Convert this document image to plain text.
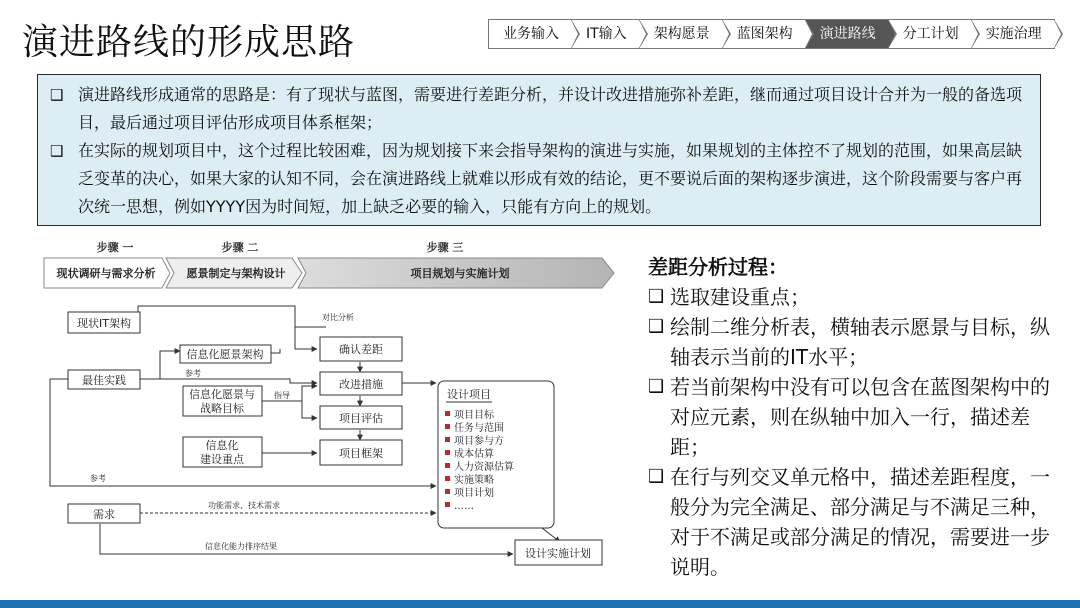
演进路线的形成思路	业务输入	IT输入	架构愿景	蓝图架构	演进路线	分工计划	实施治理
❑ 演进路线形成通常的思路是：有了现状与蓝图，需要进行差距分析，并设计改进措施弥补差距，继而通过项目设计合并为一般的备选项目，最后通过项目评估形成项目体系框架；
❑ 在实际的规划项目中，这个过程比较困难，因为规划接下来会指导架构的演进与实施，如果规划的主体控不了规划的范围，如果高层缺乏变革的决心，如果大家的认知不同，会在演进路线上就难以形成有效的结论，更不要说后面的架构逐步演进，这个阶段需要与客户再次统一思想，例如YYYY因为时间短，加上缺乏必要的输入，只能有方向上的规划。
步骤 一	步骤 二	步骤 三
现状调研与需求分析	愿景制定与架构设计	项目规划与实施计划
现状IT架构
信息化愿景架构
最佳实践
信息化愿景与
战略目标
信息化
建设重点
需求
确认差距
改进措施
项目评估
项目框架
设计实施计划
对比分析
参考
指导
参考
功能需求、技术需求
信息化能力排序结果
设计项目
项目目标
任务与范围
项目参与方
成本估算
人力资源估算
实施策略
项目计划
……
差距分析过程：
❑ 选取建设重点；
❑ 绘制二维分析表，横轴表示愿景与目标，纵轴表示当前的IT水平；
❑ 若当前架构中没有可以包含在蓝图架构中的对应元素，则在纵轴中加入一行，描述差距；
❑ 在行与列交叉单元格中，描述差距程度，一般分为完全满足、部分满足与不满足三种，对于不满足或部分满足的情况，需要进一步说明。
